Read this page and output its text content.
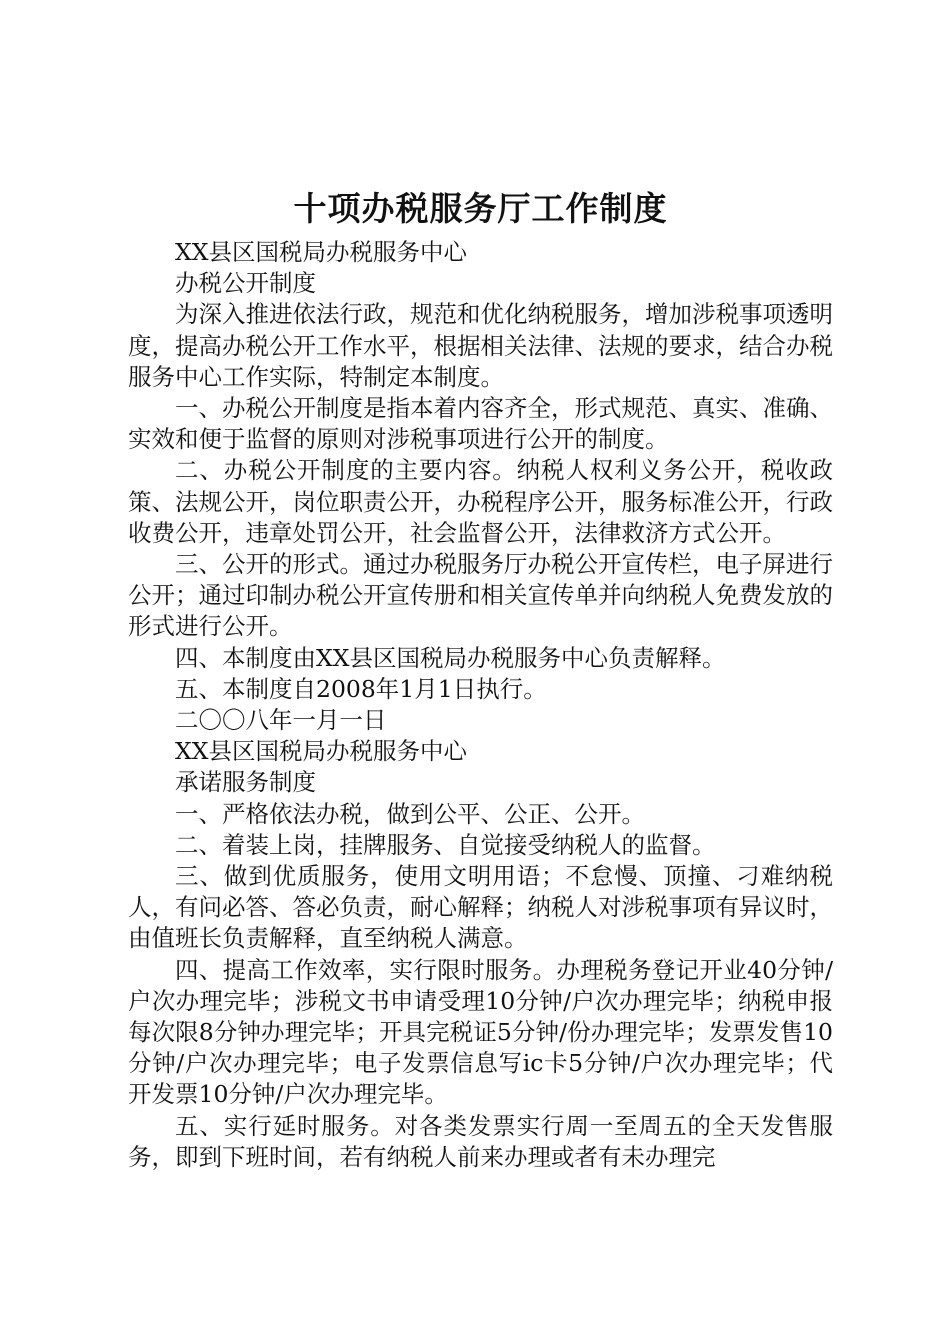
十项办税服务厅工作制度

XX县区国税局办税服务中心

办税公开制度

为深入推进依法行政，规范和优化纳税服务，增加涉税事项透明度，提高办税公开工作水平，根据相关法律、法规的要求，结合办税服务中心工作实际，特制定本制度。

一、办税公开制度是指本着内容齐全，形式规范、真实、准确、实效和便于监督的原则对涉税事项进行公开的制度。

二、办税公开制度的主要内容。纳税人权利义务公开，税收政策、法规公开，岗位职责公开，办税程序公开，服务标准公开，行政收费公开，违章处罚公开，社会监督公开，法律救济方式公开。

三、公开的形式。通过办税服务厅办税公开宣传栏，电子屏进行公开；通过印制办税公开宣传册和相关宣传单并向纳税人免费发放的形式进行公开。

四、本制度由XX县区国税局办税服务中心负责解释。

五、本制度自2008年1月1日执行。

二〇〇八年一月一日

XX县区国税局办税服务中心

承诺服务制度

一、严格依法办税，做到公平、公正、公开。

二、着装上岗，挂牌服务、自觉接受纳税人的监督。

三、做到优质服务，使用文明用语；不怠慢、顶撞、刁难纳税人，有问必答、答必负责，耐心解释；纳税人对涉税事项有异议时，由值班长负责解释，直至纳税人满意。

四、提高工作效率，实行限时服务。办理税务登记开业40分钟/户次办理完毕；涉税文书申请受理10分钟/户次办理完毕；纳税申报每次限8分钟办理完毕；开具完税证5分钟/份办理完毕；发票发售10分钟/户次办理完毕；电子发票信息写ic卡5分钟/户次办理完毕；代开发票10分钟/户次办理完毕。

五、实行延时服务。对各类发票实行周一至周五的全天发售服务，即到下班时间，若有纳税人前来办理或者有未办理完
